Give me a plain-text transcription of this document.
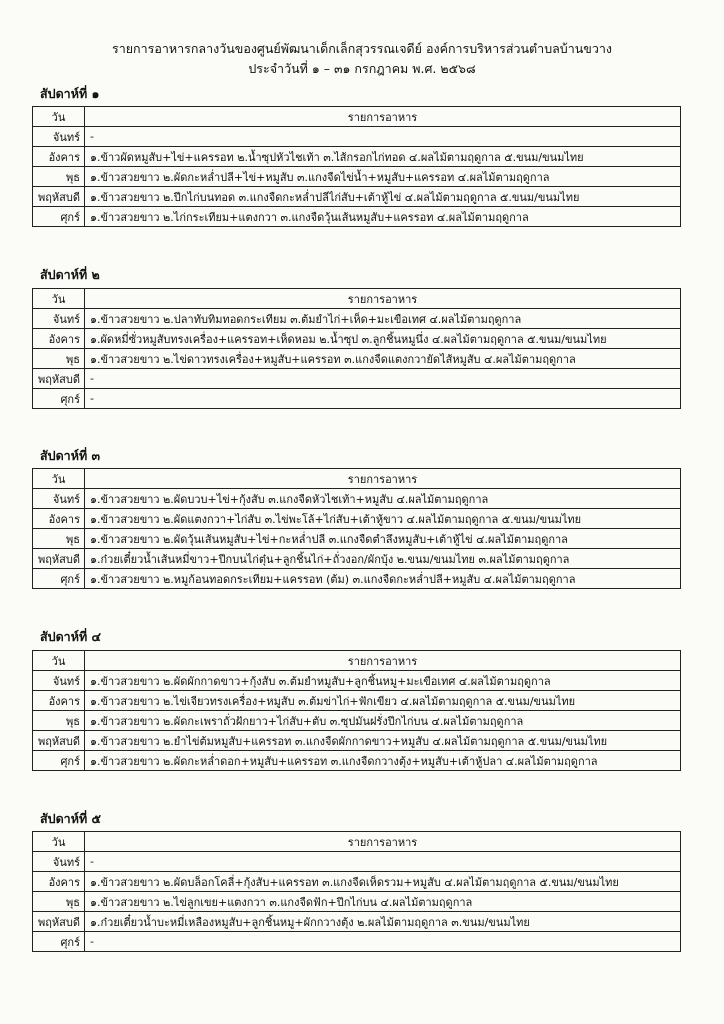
รายการอาหารกลางวันของศูนย์พัฒนาเด็กเล็กสุวรรณเจดีย์ องค์การบริหารส่วนตำบลบ้านขวาง
ประจำวันที่ ๑ – ๓๑ กรกฎาคม พ.ศ. ๒๕๖๘
สัปดาห์ที่ ๑
วัน	รายการอาหาร
จันทร์	-
อังคาร	๑.ข้าวผัดหมูสับ+ไข่+แครรอท ๒.น้ำซุปหัวไชเท้า ๓.ไส้กรอกไก่ทอด ๔.ผลไม้ตามฤดูกาล ๕.ขนม/ขนมไทย
พุธ	๑.ข้าวสวยขาว ๒.ผัดกะหล่ำปลี+ไข่+หมูสับ ๓.แกงจืดไข่น้ำ+หมูสับ+แครรอท ๔.ผลไม้ตามฤดูกาล
พฤหัสบดี	๑.ข้าวสวยขาว ๒.ปีกไก่บนทอด ๓.แกงจืดกะหล่ำปลีไก่สับ+เต้าหู้ไข่ ๔.ผลไม้ตามฤดูกาล ๕.ขนม/ขนมไทย
ศุกร์	๑.ข้าวสวยขาว ๒.ไก่กระเทียม+แตงกวา ๓.แกงจืดวุ้นเส้นหมูสับ+แครรอท ๔.ผลไม้ตามฤดูกาล
สัปดาห์ที่ ๒
วัน	รายการอาหาร
จันทร์	๑.ข้าวสวยขาว ๒.ปลาทับทิมทอดกระเทียม ๓.ต้มยำไก่+เห็ด+มะเขือเทศ ๔.ผลไม้ตามฤดูกาล
อังคาร	๑.ผัดหมี่ซั่วหมูสับทรงเครื่อง+แครรอท+เห็ดหอม ๒.น้ำซุป ๓.ลูกชิ้นหมูนึ่ง ๔.ผลไม้ตามฤดูกาล ๕.ขนม/ขนมไทย
พุธ	๑.ข้าวสวยขาว ๒.ไข่ดาวทรงเครื่อง+หมูสับ+แครรอท ๓.แกงจืดแตงกวายัดไส้หมูสับ ๔.ผลไม้ตามฤดูกาล
พฤหัสบดี	-
ศุกร์	-
สัปดาห์ที่ ๓
วัน	รายการอาหาร
จันทร์	๑.ข้าวสวยขาว ๒.ผัดบวบ+ไข่+กุ้งสับ ๓.แกงจืดหัวไชเท้า+หมูสับ ๔.ผลไม้ตามฤดูกาล
อังคาร	๑.ข้าวสวยขาว ๒.ผัดแตงกวา+ไก่สับ ๓.ไข่พะโล้+ไก่สับ+เต้าหู้ขาว ๔.ผลไม้ตามฤดูกาล ๕.ขนม/ขนมไทย
พุธ	๑.ข้าวสวยขาว ๒.ผัดวุ้นเส้นหมูสับ+ไข่+กะหล่ำปลี ๓.แกงจืดตำลึงหมูสับ+เต้าหู้ไข่ ๔.ผลไม้ตามฤดูกาล
พฤหัสบดี	๑.ก๋วยเตี๋ยวน้ำเส้นหมี่ขาว+ปีกบนไก่ตุ๋น+ลูกชิ้นไก่+ถั่วงอก/ผักบุ้ง ๒.ขนม/ขนมไทย ๓.ผลไม้ตามฤดูกาล
ศุกร์	๑.ข้าวสวยขาว ๒.หมูก้อนทอดกระเทียม+แครรอท (ต้ม) ๓.แกงจืดกะหล่ำปลี+หมูสับ ๔.ผลไม้ตามฤดูกาล
สัปดาห์ที่ ๔
วัน	รายการอาหาร
จันทร์	๑.ข้าวสวยขาว ๒.ผัดผักกาดขาว+กุ้งสับ ๓.ต้มยำหมูสับ+ลูกชิ้นหมู+มะเขือเทศ ๔.ผลไม้ตามฤดูกาล
อังคาร	๑.ข้าวสวยขาว ๒.ไข่เจียวทรงเครื่อง+หมูสับ ๓.ต้มข่าไก่+ฟักเขียว ๔.ผลไม้ตามฤดูกาล ๕.ขนม/ขนมไทย
พุธ	๑.ข้าวสวยขาว ๒.ผัดกะเพราถั่วฝักยาว+ไก่สับ+ตับ ๓.ซุปมันฝรั่งปีกไก่บน ๔.ผลไม้ตามฤดูกาล
พฤหัสบดี	๑.ข้าวสวยขาว ๒.ยำไข่ต้มหมูสับ+แครรอท ๓.แกงจืดผักกาดขาว+หมูสับ ๔.ผลไม้ตามฤดูกาล ๕.ขนม/ขนมไทย
ศุกร์	๑.ข้าวสวยขาว ๒.ผัดกะหล่ำดอก+หมูสับ+แครรอท ๓.แกงจืดกวางตุ้ง+หมูสับ+เต้าหู้ปลา ๔.ผลไม้ตามฤดูกาล
สัปดาห์ที่ ๕
วัน	รายการอาหาร
จันทร์	-
อังคาร	๑.ข้าวสวยขาว ๒.ผัดบล็อกโคลี่+กุ้งสับ+แครรอท ๓.แกงจืดเห็ดรวม+หมูสับ ๔.ผลไม้ตามฤดูกาล ๕.ขนม/ขนมไทย
พุธ	๑.ข้าวสวยขาว ๒.ไข่ลูกเขย+แตงกวา ๓.แกงจืดฟัก+ปีกไก่บน ๔.ผลไม้ตามฤดูกาล
พฤหัสบดี	๑.ก๋วยเตี๋ยวน้ำบะหมี่เหลืองหมูสับ+ลูกชิ้นหมู+ผักกวางตุ้ง ๒.ผลไม้ตามฤดูกาล ๓.ขนม/ขนมไทย
ศุกร์	-
